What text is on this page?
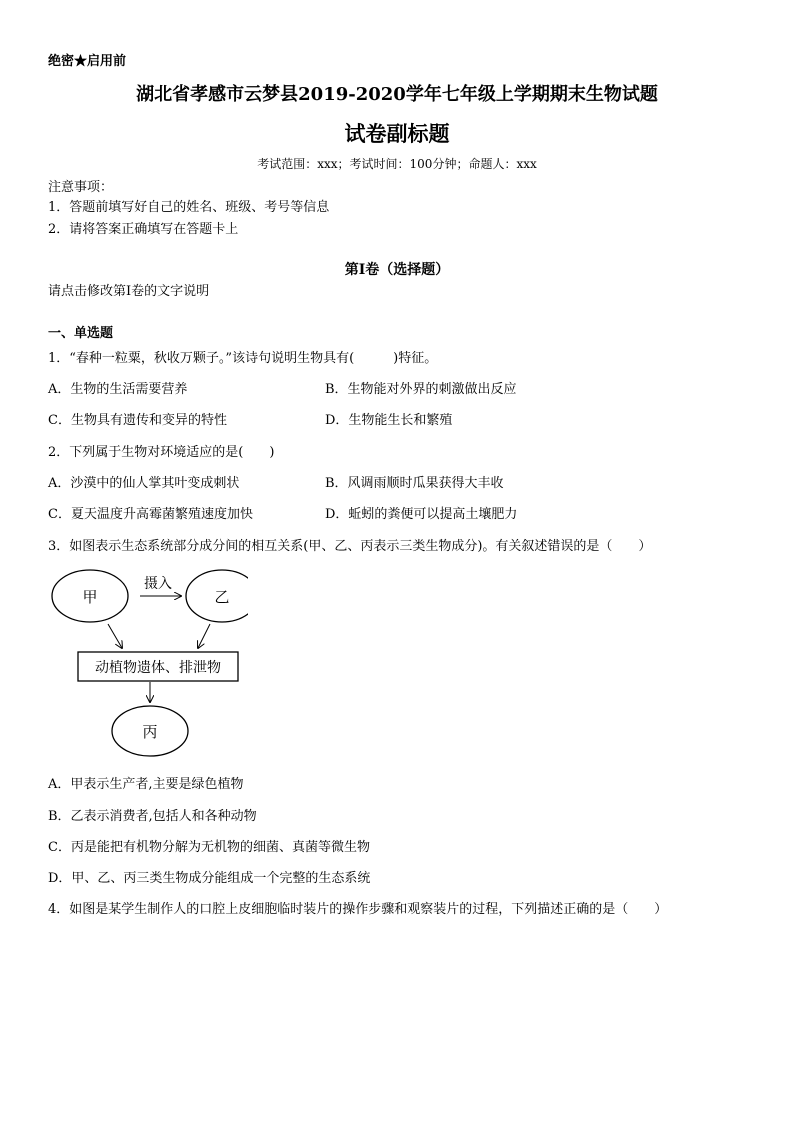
绝密★启用前
湖北省孝感市云梦县2019-2020学年七年级上学期期末生物试题
试卷副标题
考试范围：xxx；考试时间：100分钟；命题人：xxx
注意事项：
1．答题前填写好自己的姓名、班级、考号等信息
2．请将答案正确填写在答题卡上
第I卷（选择题）
请点击修改第I卷的文字说明
一、单选题
1．“春种一粒粟，秋收万颗子。”该诗句说明生物具有(　　　)特征。
A．生物的生活需要营养	B．生物能对外界的刺激做出反应
C．生物具有遗传和变异的特性	D．生物能生长和繁殖
2．下列属于生物对环境适应的是(　　)
A．沙漠中的仙人掌其叶变成刺状	B．风调雨顺时瓜果获得大丰收
C．夏天温度升高霉菌繁殖速度加快	D．蚯蚓的粪便可以提高土壤肥力
3．如图表示生态系统部分成分间的相互关系(甲、乙、丙表示三类生物成分)。有关叙述错误的是（　　）
甲	乙
摄入
动植物遗体、排泄物
丙
A．甲表示生产者,主要是绿色植物
B．乙表示消费者,包括人和各种动物
C．丙是能把有机物分解为无机物的细菌、真菌等微生物
D．甲、乙、丙三类生物成分能组成一个完整的生态系统
4．如图是某学生制作人的口腔上皮细胞临时装片的操作步骤和观察装片的过程，下列描述正确的是（　　）
